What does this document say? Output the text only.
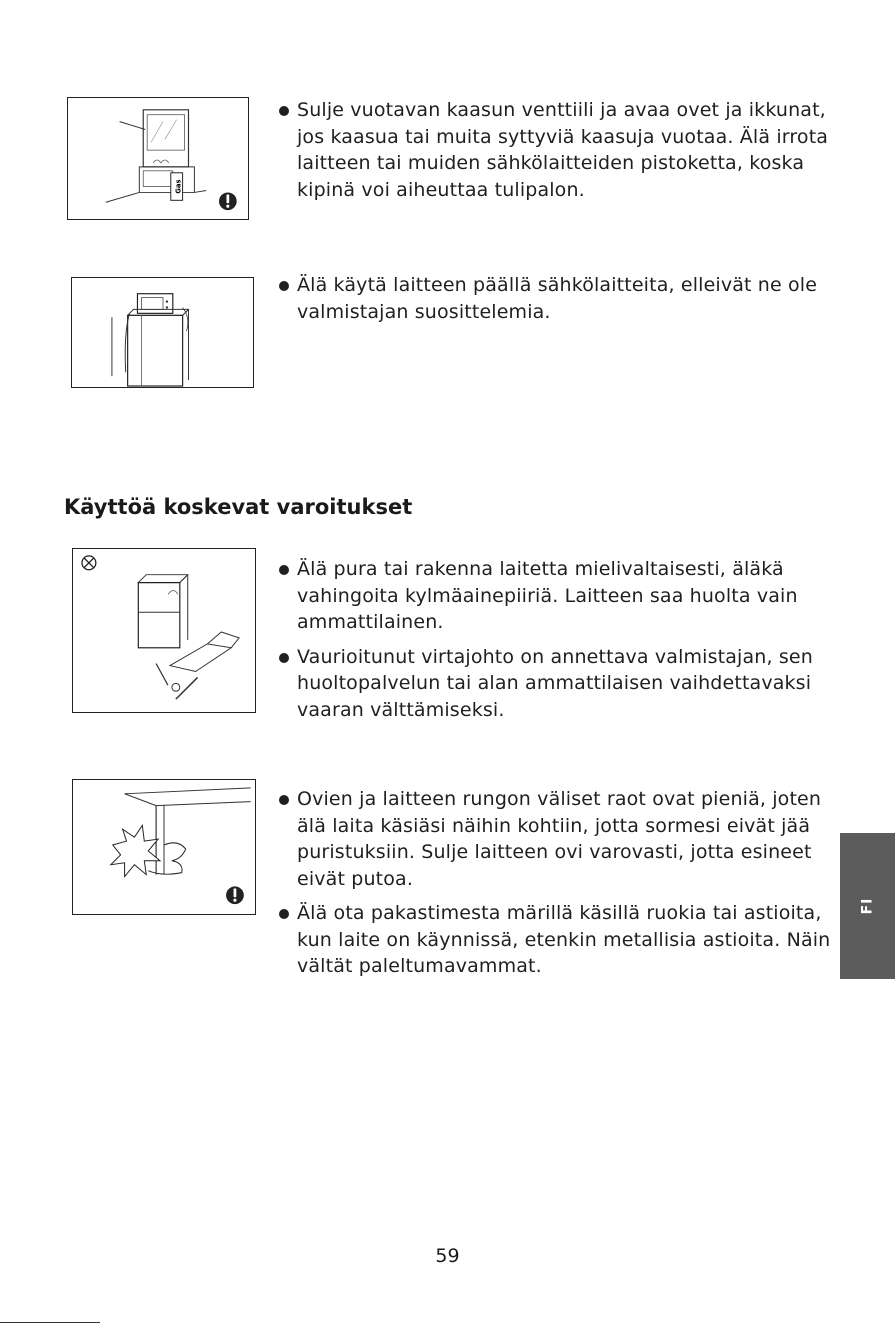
Gas

Sulje vuotavan kaasun venttiili ja avaa ovet ja ikkunat, jos kaasua tai muita syttyviä kaasuja vuotaa. Älä irrota laitteen tai muiden sähkölaitteiden pistoketta, koska kipinä voi aiheuttaa tulipalon.

Älä käytä laitteen päällä sähkölaitteita, elleivät ne ole valmistajan suosittelemia.

Käyttöä koskevat varoitukset

Älä pura tai rakenna laitetta mielivaltaisesti, äläkä vahingoita kylmäainepiiriä. Laitteen saa huolta vain ammattilainen.

Vaurioitunut virtajohto on annettava valmistajan, sen huoltopalvelun tai alan ammattilaisen vaihdettavaksi vaaran välttämiseksi.

Ovien ja laitteen rungon väliset raot ovat pieniä, joten älä laita käsiäsi näihin kohtiin, jotta sormesi eivät jää puristuksiin. Sulje laitteen ovi varovasti, jotta esineet eivät putoa.

Älä ota pakastimesta märillä käsillä ruokia tai astioita, kun laite on käynnissä, etenkin metallisia astioita. Näin vältät paleltumavammat.

FI
59
